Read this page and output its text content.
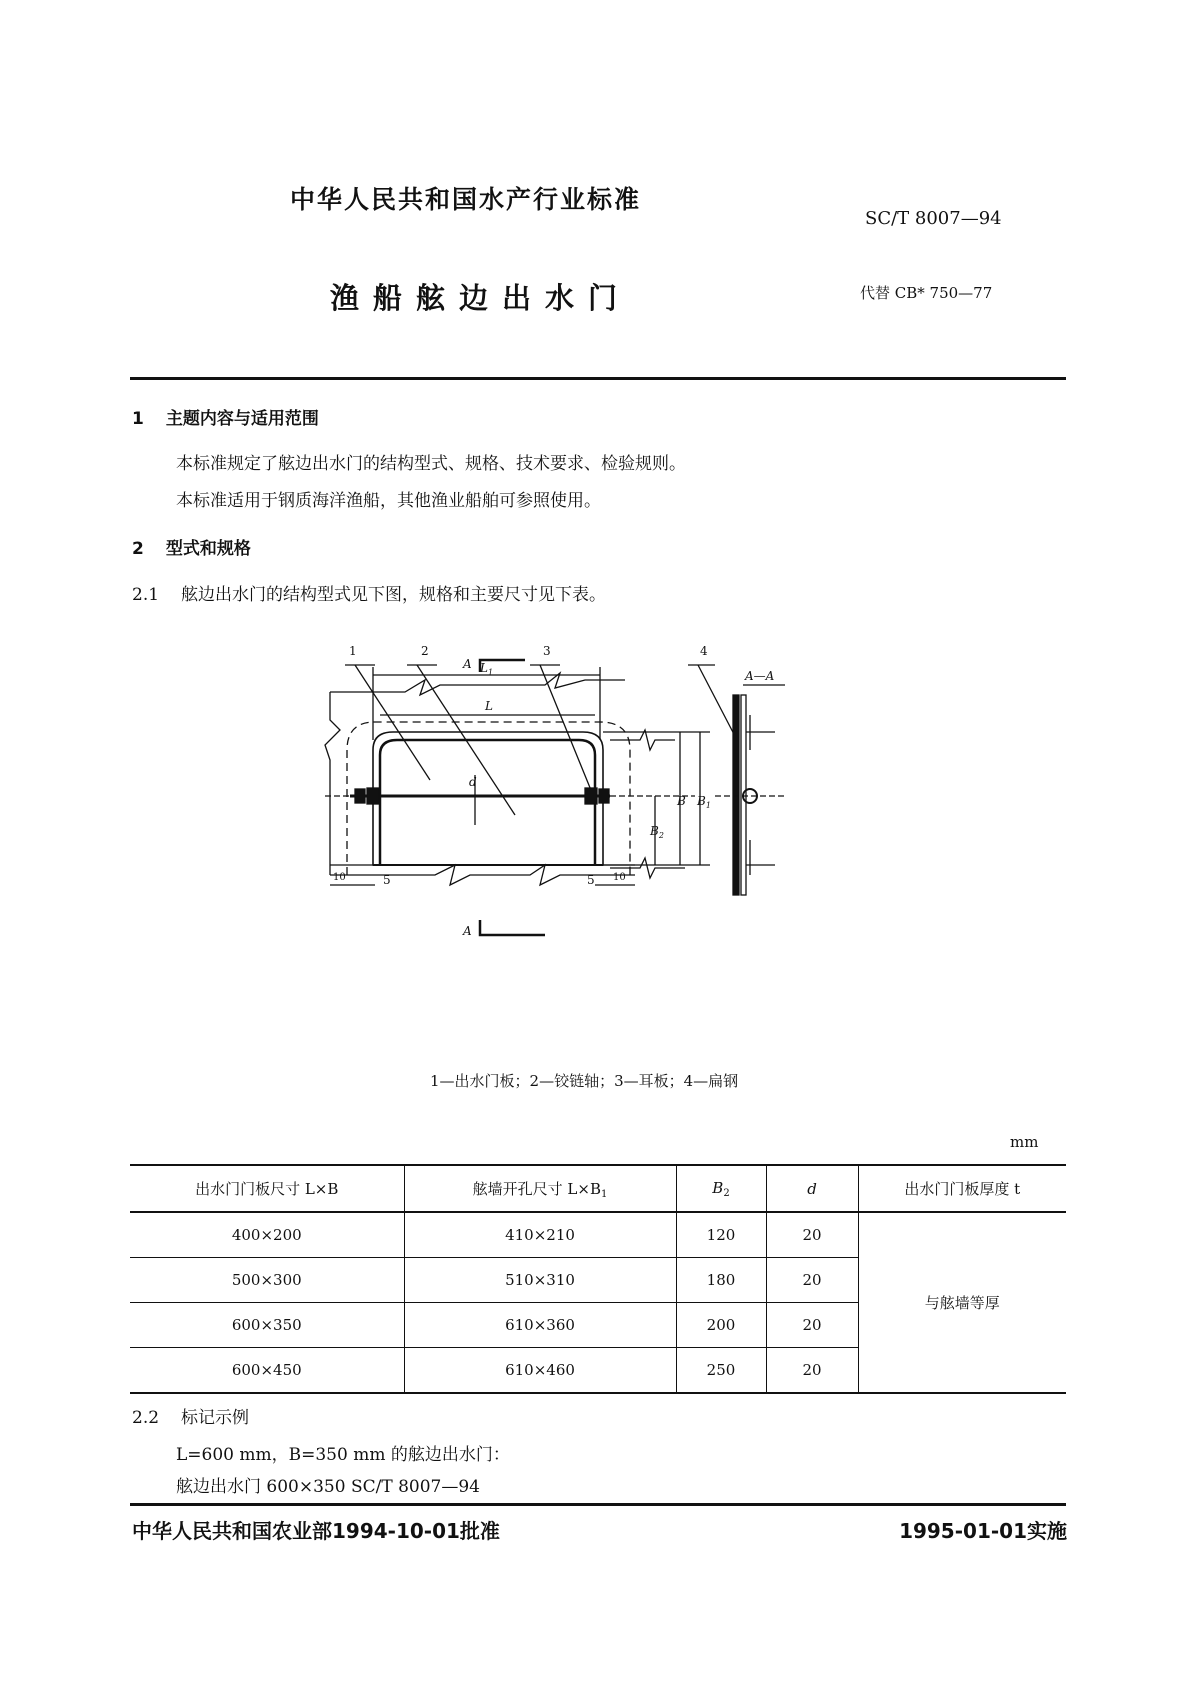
中华人民共和国水产行业标准
SC/T 8007—94
渔船舷边出水门	代替 CB* 750—77
1 主题内容与适用范围
本标准规定了舷边出水门的结构型式、规格、技术要求、检验规则。
本标准适用于钢质海洋渔船，其他渔业船舶可参照使用。
2 型式和规格
2.1 舷边出水门的结构型式见下图，规格和主要尺寸见下表。
1	2	3	4
A
A
A—A
$L_1$
L
d
B $B_1$
$B_2$
5	5
10	10
1—出水门板；2—铰链轴；3—耳板；4—扁钢
mm
出水门门板尺寸 L×B	舷墙开孔尺寸 $L\times B_1$	$B_2$	d	出水门门板厚度 t
400×200	410×210	120	20	与舷墙等厚
500×300	510×310	180	20	
600×350	610×360	200	20	
600×450	610×460	250	20	
2.2 标记示例
L=600 mm，B=350 mm 的舷边出水门：
舷边出水门 600×350 SC/T 8007—94
中华人民共和国农业部1994-10-01批准	1995-01-01实施
